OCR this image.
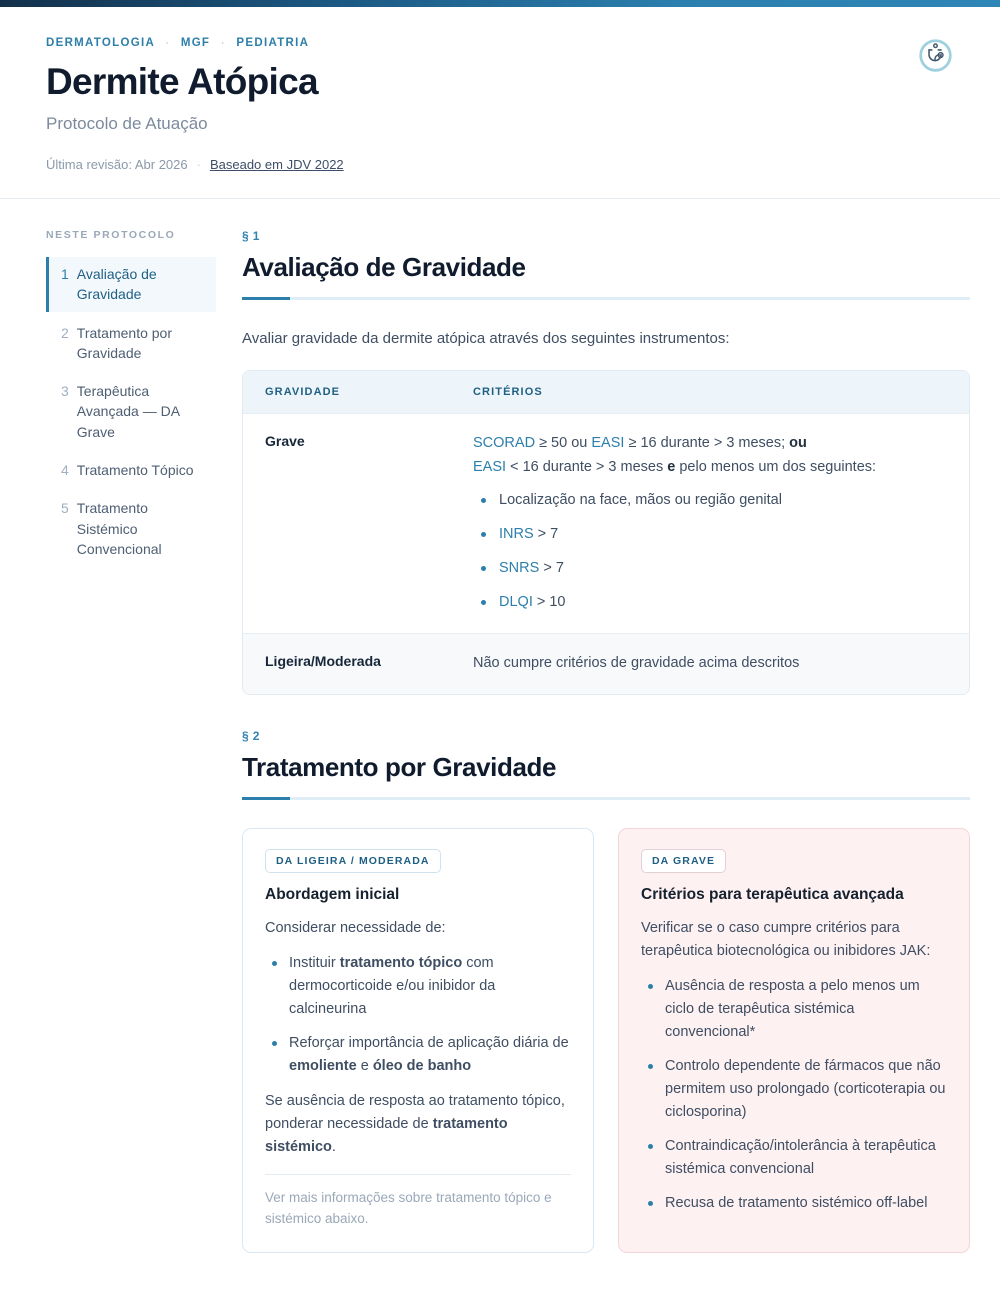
DERMATOLOGIA · MGF · PEDIATRIA
Dermite Atópica
Protocolo de Atuação
Última revisão: Abr 2026 · Baseado em JDV 2022
NESTE PROTOCOLO
1 Avaliação de Gravidade
2 Tratamento por Gravidade
3 Terapêutica Avançada — DA Grave
4 Tratamento Tópico
5 Tratamento Sistémico Convencional
§ 1
Avaliação de Gravidade

Avaliar gravidade da dermite atópica através dos seguintes instrumentos:

GRAVIDADE	CRITÉRIOS
Grave	SCORAD ≥ 50 ou EASI ≥ 16 durante > 3 meses; ou
EASI < 16 durante > 3 meses e pelo menos um dos seguintes:
Localização na face, mãos ou região genital
INRS > 7
SNRS > 7
DLQI > 10
Ligeira/Moderada	Não cumpre critérios de gravidade acima descritos
§ 2
Tratamento por Gravidade
DA LIGEIRA / MODERADA
Abordagem inicial

Considerar necessidade de:

Instituir tratamento tópico com dermocorticoide e/ou inibidor da calcineurina
Reforçar importância de aplicação diária de emoliente e óleo de banho

Se ausência de resposta ao tratamento tópico, ponderar necessidade de tratamento sistémico.

Ver mais informações sobre tratamento tópico e sistémico abaixo.

DA GRAVE
Critérios para terapêutica avançada

Verificar se o caso cumpre critérios para terapêutica biotecnológica ou inibidores JAK:

Ausência de resposta a pelo menos um ciclo de terapêutica sistémica convencional*
Controlo dependente de fármacos que não permitem uso prolongado (corticoterapia ou ciclosporina)
Contraindicação/intolerância à terapêutica sistémica convencional
Recusa de tratamento sistémico off-label
